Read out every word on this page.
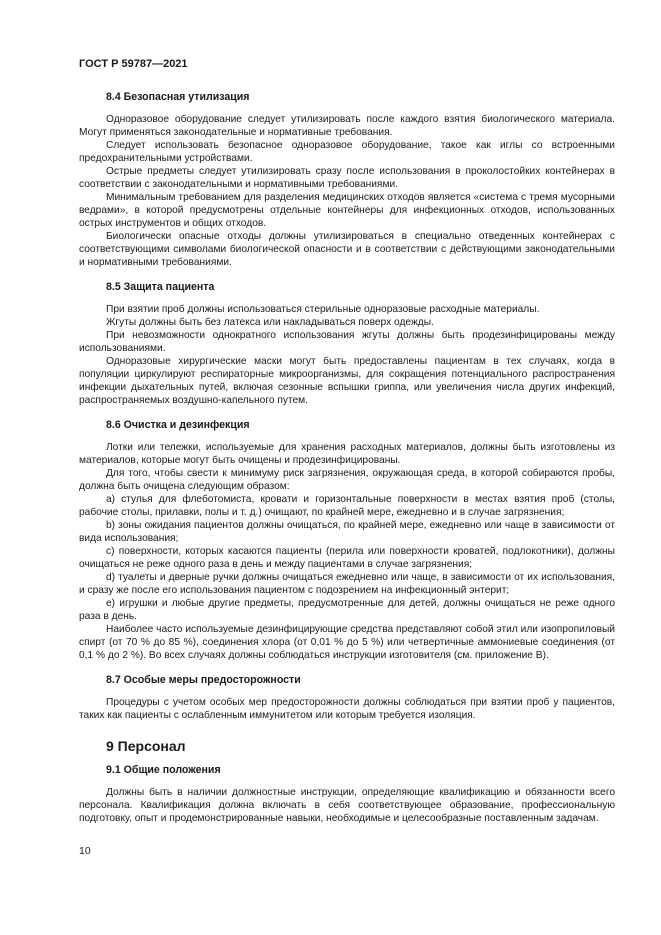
ГОСТ Р 59787—2021
8.4 Безопасная утилизация

Одноразовое оборудование следует утилизировать после каждого взятия биологического материала. Могут применяться законодательные и нормативные требования.

Следует использовать безопасное одноразовое оборудование, такое как иглы со встроенными предохранительными устройствами.

Острые предметы следует утилизировать сразу после использования в проколостойких контейнерах в соответствии с законодательными и нормативными требованиями.

Минимальным требованием для разделения медицинских отходов является «система с тремя мусорными ведрами», в которой предусмотрены отдельные контейнеры для инфекционных отходов, использованных острых инструментов и общих отходов.

Биологически опасные отходы должны утилизироваться в специально отведенных контейнерах с соответствующими символами биологической опасности и в соответствии с действующими законодательными и нормативными требованиями.

8.5 Защита пациента

При взятии проб должны использоваться стерильные одноразовые расходные материалы.

Жгуты должны быть без латекса или накладываться поверх одежды.

При невозможности однократного использования жгуты должны быть продезинфицированы между использованиями.

Одноразовые хирургические маски могут быть предоставлены пациентам в тех случаях, когда в популяции циркулируют респираторные микроорганизмы, для сокращения потенциального распространения инфекции дыхательных путей, включая сезонные вспышки гриппа, или увеличения числа других инфекций, распространяемых воздушно-капельного путем.

8.6 Очистка и дезинфекция

Лотки или тележки, используемые для хранения расходных материалов, должны быть изготовлены из материалов, которые могут быть очищены и продезинфицированы.

Для того, чтобы свести к минимуму риск загрязнения, окружающая среда, в которой собираются пробы, должна быть очищена следующим образом:

а) стулья для флеботомиста, кровати и горизонтальные поверхности в местах взятия проб (столы, рабочие столы, прилавки, полы и т. д.) очищают, по крайней мере, ежедневно и в случае загрязнения;

b) зоны ожидания пациентов должны очищаться, по крайней мере, ежедневно или чаще в зависимости от вида использования;

c) поверхности, которых касаются пациенты (перила или поверхности кроватей, подлокотники), должны очищаться не реже одного раза в день и между пациентами в случае загрязнения;

d) туалеты и дверные ручки должны очищаться ежедневно или чаще, в зависимости от их использования, и сразу же после его использования пациентом с подозрением на инфекционный энтерит;

e) игрушки и любые другие предметы, предусмотренные для детей, должны очищаться не реже одного раза в день.

Наиболее часто используемые дезинфицирующие средства представляют собой этил или изопропиловый спирт (от 70 % до 85 %), соединения хлора (от 0,01 % до 5 %) или четвертичные аммониевые соединения (от 0,1 % до 2 %). Во всех случаях должны соблюдаться инструкции изготовителя (см. приложение В).

8.7 Особые меры предосторожности

Процедуры с учетом особых мер предосторожности должны соблюдаться при взятии проб у пациентов, таких как пациенты с ослабленным иммунитетом или которым требуется изоляция.

9 Персонал
9.1 Общие положения

Должны быть в наличии должностные инструкции, определяющие квалификацию и обязанности всего персонала. Квалификация должна включать в себя соответствующее образование, профессиональную подготовку, опыт и продемонстрированные навыки, необходимые и целесообразные поставленным задачам.

10
